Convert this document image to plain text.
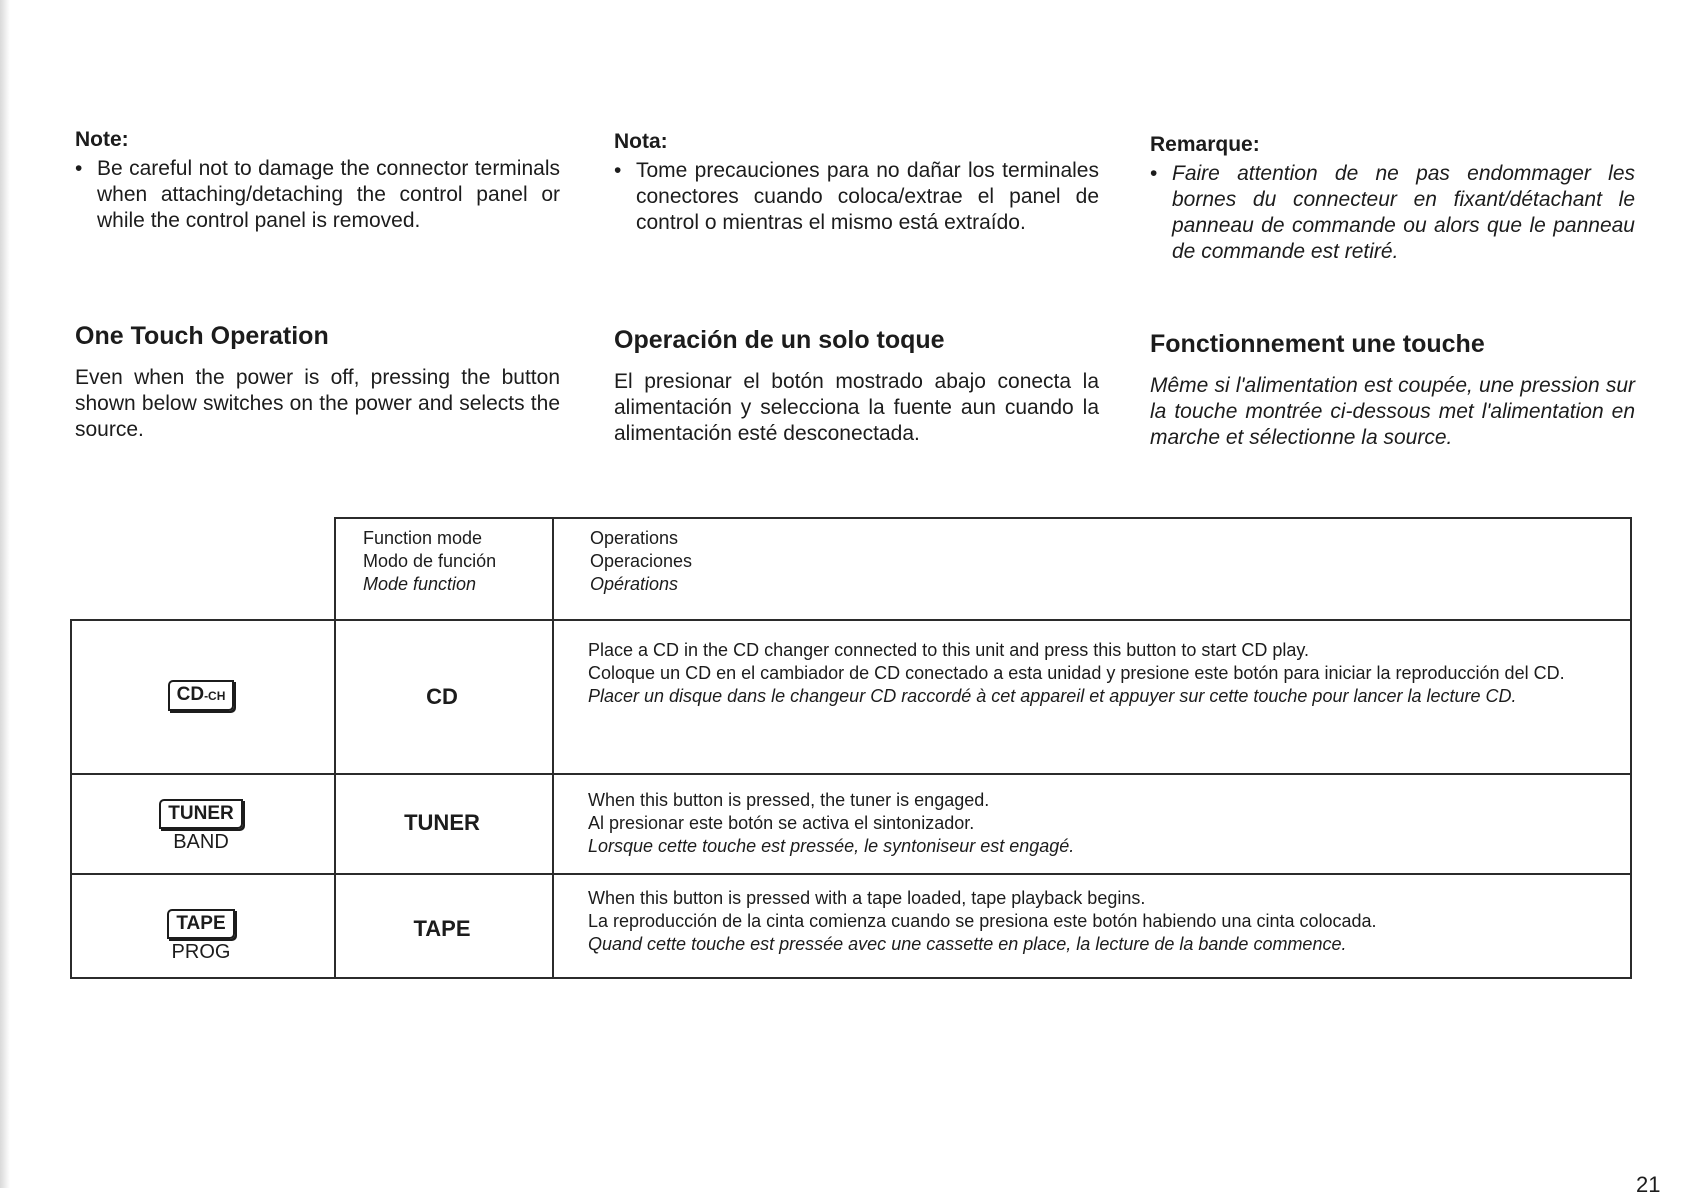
Note:

• Be careful not to damage the connector terminals when attaching/detaching the control panel or while the control panel is removed.

Nota:

• Tome precauciones para no dañar los terminales conectores cuando coloca/extrae el panel de control o mientras el mismo está extraído.

Remarque:

• Faire attention de ne pas endommager les bornes du connecteur en fixant/détachant le panneau de commande ou alors que le panneau de commande est retiré.

One Touch Operation

Even when the power is off, pressing the button shown below switches on the power and selects the source.

Operación de un solo toque

El presionar el botón mostrado abajo conecta la alimentación y selecciona la fuente aun cuando la alimentación esté desconectada.

Fonctionnement une touche

Même si l'alimentation est coupée, une pression sur la touche montrée ci-dessous met l'alimentation en marche et sélectionne la source.

Function mode
Modo de función
Mode function
Operations
Operaciones
Opérations
CD-CH	CD
Place a CD in the CD changer connected to this unit and press this button to start CD play.
Coloque un CD en el cambiador de CD conectado a esta unidad y presione este botón para iniciar la reproducción del CD.
Placer un disque dans le changeur CD raccordé à cet appareil et appuyer sur cette touche pour lancer la lecture CD.
TUNER
BAND
TUNER
When this button is pressed, the tuner is engaged.
Al presionar este botón se activa el sintonizador.
Lorsque cette touche est pressée, le syntoniseur est engagé.
TAPE
PROG
TAPE
When this button is pressed with a tape loaded, tape playback begins.
La reproducción de la cinta comienza cuando se presiona este botón habiendo una cinta colocada.
Quand cette touche est pressée avec une cassette en place, la lecture de la bande commence.
21
